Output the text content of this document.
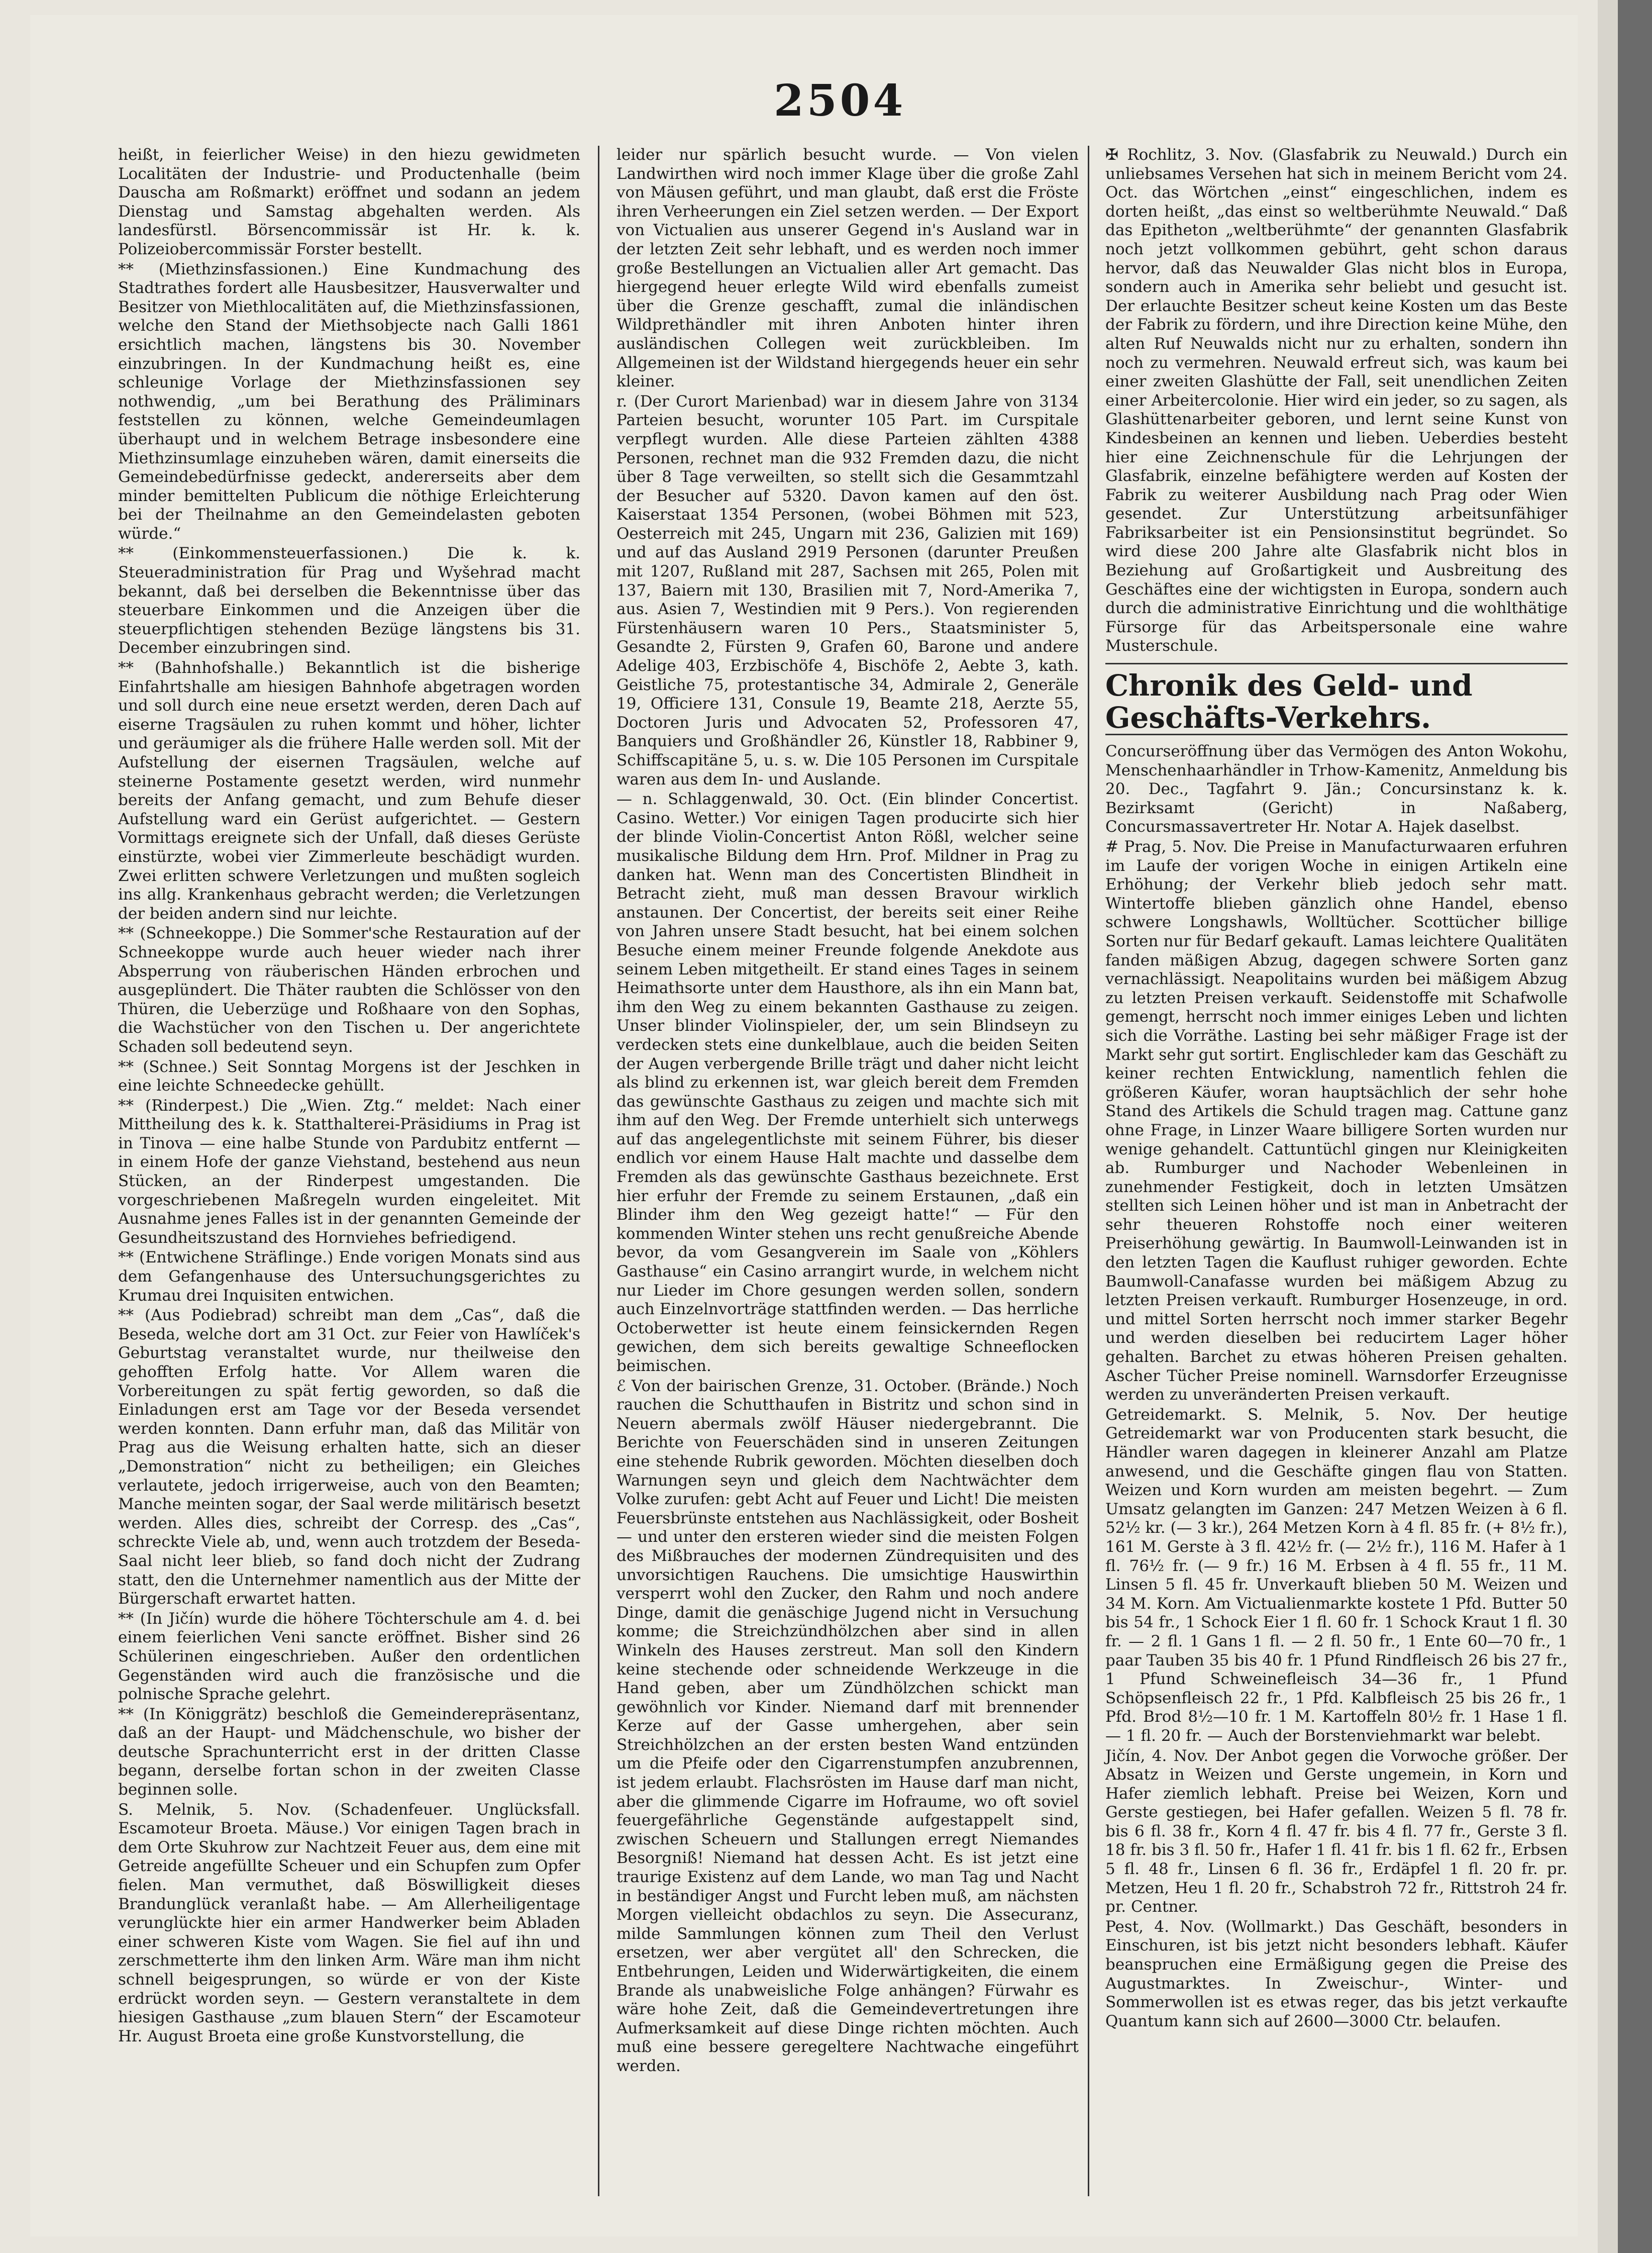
2504

heißt, in feierlicher Weise) in den hiezu gewidmeten Localitäten der Industrie- und Productenhalle (beim Dauscha am Roßmarkt) eröffnet und sodann an jedem Dienstag und Samstag abgehalten werden. Als landesfürstl. Börsencommissär ist Hr. k. k. Polizeiobercommissär Forster bestellt.

** (Miethzinsfassionen.) Eine Kundmachung des Stadtrathes fordert alle Hausbesitzer, Hausverwalter und Besitzer von Miethlocalitäten auf, die Miethzinsfassionen, welche den Stand der Miethsobjecte nach Galli 1861 ersichtlich machen, längstens bis 30. November einzubringen. In der Kundmachung heißt es, eine schleunige Vorlage der Miethzinsfassionen sey nothwendig, „um bei Berathung des Präliminars feststellen zu können, welche Gemeindeumlagen überhaupt und in welchem Betrage insbesondere eine Miethzinsumlage einzuheben wären, damit einerseits die Gemeindebedürfnisse gedeckt, andererseits aber dem minder bemittelten Publicum die nöthige Erleichterung bei der Theilnahme an den Gemeindelasten geboten würde.“

** (Einkommensteuerfassionen.) Die k. k. Steueradministration für Prag und Wyšehrad macht bekannt, daß bei derselben die Bekenntnisse über das steuerbare Einkommen und die Anzeigen über die steuerpflichtigen stehenden Bezüge längstens bis 31. December einzubringen sind.

** (Bahnhofshalle.) Bekanntlich ist die bisherige Einfahrtshalle am hiesigen Bahnhofe abgetragen worden und soll durch eine neue ersetzt werden, deren Dach auf eiserne Tragsäulen zu ruhen kommt und höher, lichter und geräumiger als die frühere Halle werden soll. Mit der Aufstellung der eisernen Tragsäulen, welche auf steinerne Postamente gesetzt werden, wird nunmehr bereits der Anfang gemacht, und zum Behufe dieser Aufstellung ward ein Gerüst aufgerichtet. — Gestern Vormittags ereignete sich der Unfall, daß dieses Gerüste einstürzte, wobei vier Zimmerleute beschädigt wurden. Zwei erlitten schwere Verletzungen und mußten sogleich ins allg. Krankenhaus gebracht werden; die Verletzungen der beiden andern sind nur leichte.

** (Schneekoppe.) Die Sommer'sche Restauration auf der Schneekoppe wurde auch heuer wieder nach ihrer Absperrung von räuberischen Händen erbrochen und ausgeplündert. Die Thäter raubten die Schlösser von den Thüren, die Ueberzüge und Roßhaare von den Sophas, die Wachstücher von den Tischen u. Der angerichtete Schaden soll bedeutend seyn.

** (Schnee.) Seit Sonntag Morgens ist der Jeschken in eine leichte Schneedecke gehüllt.

** (Rinderpest.) Die „Wien. Ztg.“ meldet: Nach einer Mittheilung des k. k. Statthalterei-Präsidiums in Prag ist in Tinova — eine halbe Stunde von Pardubitz entfernt — in einem Hofe der ganze Viehstand, bestehend aus neun Stücken, an der Rinderpest umgestanden. Die vorgeschriebenen Maßregeln wurden eingeleitet. Mit Ausnahme jenes Falles ist in der genannten Gemeinde der Gesundheitszustand des Hornviehes befriedigend.

** (Entwichene Sträflinge.) Ende vorigen Monats sind aus dem Gefangenhause des Untersuchungsgerichtes zu Krumau drei Inquisiten entwichen.

** (Aus Podiebrad) schreibt man dem „Cas“, daß die Beseda, welche dort am 31 Oct. zur Feier von Hawlíček's Geburtstag veranstaltet wurde, nur theilweise den gehofften Erfolg hatte. Vor Allem waren die Vorbereitungen zu spät fertig geworden, so daß die Einladungen erst am Tage vor der Beseda versendet werden konnten. Dann erfuhr man, daß das Militär von Prag aus die Weisung erhalten hatte, sich an dieser „Demonstration“ nicht zu betheiligen; ein Gleiches verlautete, jedoch irrigerweise, auch von den Beamten; Manche meinten sogar, der Saal werde militärisch besetzt werden. Alles dies, schreibt der Corresp. des „Cas“, schreckte Viele ab, und, wenn auch trotzdem der Beseda-Saal nicht leer blieb, so fand doch nicht der Zudrang statt, den die Unternehmer namentlich aus der Mitte der Bürgerschaft erwartet hatten.

** (In Jičín) wurde die höhere Töchterschule am 4. d. bei einem feierlichen Veni sancte eröffnet. Bisher sind 26 Schülerinen eingeschrieben. Außer den ordentlichen Gegenständen wird auch die französische und die polnische Sprache gelehrt.

** (In Königgrätz) beschloß die Gemeinderepräsentanz, daß an der Haupt- und Mädchenschule, wo bisher der deutsche Sprachunterricht erst in der dritten Classe begann, derselbe fortan schon in der zweiten Classe beginnen solle.

S. Melnik, 5. Nov. (Schadenfeuer. Unglücksfall. Escamoteur Broeta. Mäuse.) Vor einigen Tagen brach in dem Orte Skuhrow zur Nachtzeit Feuer aus, dem eine mit Getreide angefüllte Scheuer und ein Schupfen zum Opfer fielen. Man vermuthet, daß Böswilligkeit dieses Brandunglück veranlaßt habe. — Am Allerheiligentage verunglückte hier ein armer Handwerker beim Abladen einer schweren Kiste vom Wagen. Sie fiel auf ihn und zerschmetterte ihm den linken Arm. Wäre man ihm nicht schnell beigesprungen, so würde er von der Kiste erdrückt worden seyn. — Gestern veranstaltete in dem hiesigen Gasthause „zum blauen Stern“ der Escamoteur Hr. August Broeta eine große Kunstvorstellung, die

leider nur spärlich besucht wurde. — Von vielen Landwirthen wird noch immer Klage über die große Zahl von Mäusen geführt, und man glaubt, daß erst die Fröste ihren Verheerungen ein Ziel setzen werden. — Der Export von Victualien aus unserer Gegend in's Ausland war in der letzten Zeit sehr lebhaft, und es werden noch immer große Bestellungen an Victualien aller Art gemacht. Das hiergegend heuer erlegte Wild wird ebenfalls zumeist über die Grenze geschafft, zumal die inländischen Wildprethändler mit ihren Anboten hinter ihren ausländischen Collegen weit zurückbleiben. Im Allgemeinen ist der Wildstand hiergegends heuer ein sehr kleiner.

r. (Der Curort Marienbad) war in diesem Jahre von 3134 Parteien besucht, worunter 105 Part. im Curspitale verpflegt wurden. Alle diese Parteien zählten 4388 Personen, rechnet man die 932 Fremden dazu, die nicht über 8 Tage verweilten, so stellt sich die Gesammtzahl der Besucher auf 5320. Davon kamen auf den öst. Kaiserstaat 1354 Personen, (wobei Böhmen mit 523, Oesterreich mit 245, Ungarn mit 236, Galizien mit 169) und auf das Ausland 2919 Personen (darunter Preußen mit 1207, Rußland mit 287, Sachsen mit 265, Polen mit 137, Baiern mit 130, Brasilien mit 7, Nord-Amerika 7, aus. Asien 7, Westindien mit 9 Pers.). Von regierenden Fürstenhäusern waren 10 Pers., Staatsminister 5, Gesandte 2, Fürsten 9, Grafen 60, Barone und andere Adelige 403, Erzbischöfe 4, Bischöfe 2, Aebte 3, kath. Geistliche 75, protestantische 34, Admirale 2, Generäle 19, Officiere 131, Consule 19, Beamte 218, Aerzte 55, Doctoren Juris und Advocaten 52, Professoren 47, Banquiers und Großhändler 26, Künstler 18, Rabbiner 9, Schiffscapitäne 5, u. s. w. Die 105 Personen im Curspitale waren aus dem In- und Auslande.

— n. Schlaggenwald, 30. Oct. (Ein blinder Concertist. Casino. Wetter.) Vor einigen Tagen producirte sich hier der blinde Violin-Concertist Anton Rößl, welcher seine musikalische Bildung dem Hrn. Prof. Mildner in Prag zu danken hat. Wenn man des Concertisten Blindheit in Betracht zieht, muß man dessen Bravour wirklich anstaunen. Der Concertist, der bereits seit einer Reihe von Jahren unsere Stadt besucht, hat bei einem solchen Besuche einem meiner Freunde folgende Anekdote aus seinem Leben mitgetheilt. Er stand eines Tages in seinem Heimathsorte unter dem Hausthore, als ihn ein Mann bat, ihm den Weg zu einem bekannten Gasthause zu zeigen. Unser blinder Violinspieler, der, um sein Blindseyn zu verdecken stets eine dunkelblaue, auch die beiden Seiten der Augen verbergende Brille trägt und daher nicht leicht als blind zu erkennen ist, war gleich bereit dem Fremden das gewünschte Gasthaus zu zeigen und machte sich mit ihm auf den Weg. Der Fremde unterhielt sich unterwegs auf das angelegentlichste mit seinem Führer, bis dieser endlich vor einem Hause Halt machte und dasselbe dem Fremden als das gewünschte Gasthaus bezeichnete. Erst hier erfuhr der Fremde zu seinem Erstaunen, „daß ein Blinder ihm den Weg gezeigt hatte!“ — Für den kommenden Winter stehen uns recht genußreiche Abende bevor, da vom Gesangverein im Saale von „Köhlers Gasthause“ ein Casino arrangirt wurde, in welchem nicht nur Lieder im Chore gesungen werden sollen, sondern auch Einzelnvorträge stattfinden werden. — Das herrliche Octoberwetter ist heute einem feinsickernden Regen gewichen, dem sich bereits gewaltige Schneeflocken beimischen.

ℰ Von der bairischen Grenze, 31. October. (Brände.) Noch rauchen die Schutthaufen in Bistritz und schon sind in Neuern abermals zwölf Häuser niedergebrannt. Die Berichte von Feuerschäden sind in unseren Zeitungen eine stehende Rubrik geworden. Möchten dieselben doch Warnungen seyn und gleich dem Nachtwächter dem Volke zurufen: gebt Acht auf Feuer und Licht! Die meisten Feuersbrünste entstehen aus Nachlässigkeit, oder Bosheit — und unter den ersteren wieder sind die meisten Folgen des Mißbrauches der modernen Zündrequisiten und des unvorsichtigen Rauchens. Die umsichtige Hauswirthin versperrt wohl den Zucker, den Rahm und noch andere Dinge, damit die genäschige Jugend nicht in Versuchung komme; die Streichzündhölzchen aber sind in allen Winkeln des Hauses zerstreut. Man soll den Kindern keine stechende oder schneidende Werkzeuge in die Hand geben, aber um Zündhölzchen schickt man gewöhnlich vor Kinder. Niemand darf mit brennender Kerze auf der Gasse umhergehen, aber sein Streichhölzchen an der ersten besten Wand entzünden um die Pfeife oder den Cigarrenstumpfen anzubrennen, ist jedem erlaubt. Flachsrösten im Hause darf man nicht, aber die glimmende Cigarre im Hofraume, wo oft soviel feuergefährliche Gegenstände aufgestappelt sind, zwischen Scheuern und Stallungen erregt Niemandes Besorgniß! Niemand hat dessen Acht. Es ist jetzt eine traurige Existenz auf dem Lande, wo man Tag und Nacht in beständiger Angst und Furcht leben muß, am nächsten Morgen vielleicht obdachlos zu seyn. Die Assecuranz, milde Sammlungen können zum Theil den Verlust ersetzen, wer aber vergütet all' den Schrecken, die Entbehrungen, Leiden und Widerwärtigkeiten, die einem Brande als unabweisliche Folge anhängen? Fürwahr es wäre hohe Zeit, daß die Gemeindevertretungen ihre Aufmerksamkeit auf diese Dinge richten möchten. Auch muß eine bessere geregeltere Nachtwache eingeführt werden.

✠ Rochlitz, 3. Nov. (Glasfabrik zu Neuwald.) Durch ein unliebsames Versehen hat sich in meinem Bericht vom 24. Oct. das Wörtchen „einst“ eingeschlichen, indem es dorten heißt, „das einst so weltberühmte Neuwald.“ Daß das Epitheton „weltberühmte“ der genannten Glasfabrik noch jetzt vollkommen gebührt, geht schon daraus hervor, daß das Neuwalder Glas nicht blos in Europa, sondern auch in Amerika sehr beliebt und gesucht ist. Der erlauchte Besitzer scheut keine Kosten um das Beste der Fabrik zu fördern, und ihre Direction keine Mühe, den alten Ruf Neuwalds nicht nur zu erhalten, sondern ihn noch zu vermehren. Neuwald erfreut sich, was kaum bei einer zweiten Glashütte der Fall, seit unendlichen Zeiten einer Arbeitercolonie. Hier wird ein jeder, so zu sagen, als Glashüttenarbeiter geboren, und lernt seine Kunst von Kindesbeinen an kennen und lieben. Ueberdies besteht hier eine Zeichnenschule für die Lehrjungen der Glasfabrik, einzelne befähigtere werden auf Kosten der Fabrik zu weiterer Ausbildung nach Prag oder Wien gesendet. Zur Unterstützung arbeitsunfähiger Fabriksarbeiter ist ein Pensionsinstitut begründet. So wird diese 200 Jahre alte Glasfabrik nicht blos in Beziehung auf Großartigkeit und Ausbreitung des Geschäftes eine der wichtigsten in Europa, sondern auch durch die administrative Einrichtung und die wohlthätige Fürsorge für das Arbeitspersonale eine wahre Musterschule.

Chronik des Geld- und Geschäfts-Verkehrs.

Concurseröffnung über das Vermögen des Anton Wokohu, Menschenhaarhändler in Trhow-Kamenitz, Anmeldung bis 20. Dec., Tagfahrt 9. Jän.; Concursinstanz k. k. Bezirksamt (Gericht) in Naßaberg, Concursmassavertreter Hr. Notar A. Hajek daselbst.

# Prag, 5. Nov. Die Preise in Manufacturwaaren erfuhren im Laufe der vorigen Woche in einigen Artikeln eine Erhöhung; der Verkehr blieb jedoch sehr matt. Wintertoffe blieben gänzlich ohne Handel, ebenso schwere Longshawls, Wolltücher. Scottücher billige Sorten nur für Bedarf gekauft. Lamas leichtere Qualitäten fanden mäßigen Abzug, dagegen schwere Sorten ganz vernachlässigt. Neapolitains wurden bei mäßigem Abzug zu letzten Preisen verkauft. Seidenstoffe mit Schafwolle gemengt, herrscht noch immer einiges Leben und lichten sich die Vorräthe. Lasting bei sehr mäßiger Frage ist der Markt sehr gut sortirt. Englischleder kam das Geschäft zu keiner rechten Entwicklung, namentlich fehlen die größeren Käufer, woran hauptsächlich der sehr hohe Stand des Artikels die Schuld tragen mag. Cattune ganz ohne Frage, in Linzer Waare billigere Sorten wurden nur wenige gehandelt. Cattuntüchl gingen nur Kleinigkeiten ab. Rumburger und Nachoder Webenleinen in zunehmender Festigkeit, doch in letzten Umsätzen stellten sich Leinen höher und ist man in Anbetracht der sehr theueren Rohstoffe noch einer weiteren Preiserhöhung gewärtig. In Baumwoll-Leinwanden ist in den letzten Tagen die Kauflust ruhiger geworden. Echte Baumwoll-Canafasse wurden bei mäßigem Abzug zu letzten Preisen verkauft. Rumburger Hosenzeuge, in ord. und mittel Sorten herrscht noch immer starker Begehr und werden dieselben bei reducirtem Lager höher gehalten. Barchet zu etwas höheren Preisen gehalten. Ascher Tücher Preise nominell. Warnsdorfer Erzeugnisse werden zu unveränderten Preisen verkauft.

Getreidemarkt. S. Melnik, 5. Nov. Der heutige Getreidemarkt war von Producenten stark besucht, die Händler waren dagegen in kleinerer Anzahl am Platze anwesend, und die Geschäfte gingen flau von Statten. Weizen und Korn wurden am meisten begehrt. — Zum Umsatz gelangten im Ganzen: 247 Metzen Weizen à 6 fl. 52½ kr. (— 3 kr.), 264 Metzen Korn à 4 fl. 85 fr. (+ 8½ fr.), 161 M. Gerste à 3 fl. 42½ fr. (— 2½ fr.), 116 M. Hafer à 1 fl. 76½ fr. (— 9 fr.) 16 M. Erbsen à 4 fl. 55 fr., 11 M. Linsen 5 fl. 45 fr. Unverkauft blieben 50 M. Weizen und 34 M. Korn. Am Victualienmarkte kostete 1 Pfd. Butter 50 bis 54 fr., 1 Schock Eier 1 fl. 60 fr. 1 Schock Kraut 1 fl. 30 fr. — 2 fl. 1 Gans 1 fl. — 2 fl. 50 fr., 1 Ente 60—70 fr., 1 paar Tauben 35 bis 40 fr. 1 Pfund Rindfleisch 26 bis 27 fr., 1 Pfund Schweinefleisch 34—36 fr., 1 Pfund Schöpsenfleisch 22 fr., 1 Pfd. Kalbfleisch 25 bis 26 fr., 1 Pfd. Brod 8½—10 fr. 1 M. Kartoffeln 80½ fr. 1 Hase 1 fl. — 1 fl. 20 fr. — Auch der Borstenviehmarkt war belebt.

Jičín, 4. Nov. Der Anbot gegen die Vorwoche größer. Der Absatz in Weizen und Gerste ungemein, in Korn und Hafer ziemlich lebhaft. Preise bei Weizen, Korn und Gerste gestiegen, bei Hafer gefallen. Weizen 5 fl. 78 fr. bis 6 fl. 38 fr., Korn 4 fl. 47 fr. bis 4 fl. 77 fr., Gerste 3 fl. 18 fr. bis 3 fl. 50 fr., Hafer 1 fl. 41 fr. bis 1 fl. 62 fr., Erbsen 5 fl. 48 fr., Linsen 6 fl. 36 fr., Erdäpfel 1 fl. 20 fr. pr. Metzen, Heu 1 fl. 20 fr., Schabstroh 72 fr., Rittstroh 24 fr. pr. Centner.

Pest, 4. Nov. (Wollmarkt.) Das Geschäft, besonders in Einschuren, ist bis jetzt nicht besonders lebhaft. Käufer beanspruchen eine Ermäßigung gegen die Preise des Augustmarktes. In Zweischur-, Winter- und Sommerwollen ist es etwas reger, das bis jetzt verkaufte Quantum kann sich auf 2600—3000 Ctr. belaufen.
